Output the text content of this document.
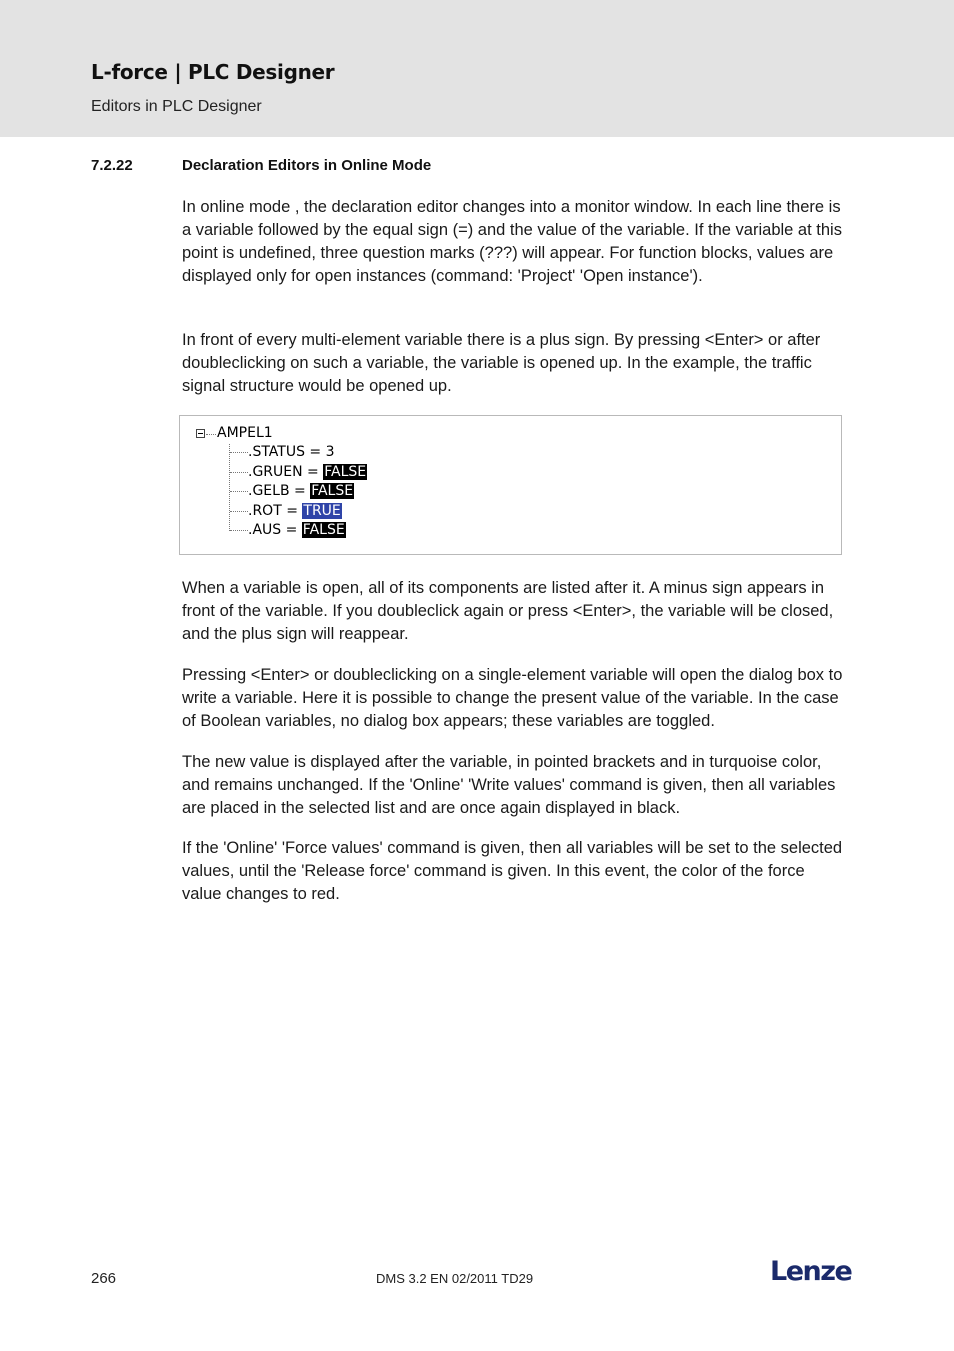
L-force | PLC Designer
Editors in PLC Designer
7.2.22	Declaration Editors in Online Mode

In online mode , the declaration editor changes into a monitor window. In each line there is a variable followed by the equal sign (=) and the value of the variable. If the variable at this point is undefined, three question marks (???) will appear. For function blocks, values are displayed only for open instances (command: 'Project' 'Open instance').

In front of every multi-element variable there is a plus sign. By pressing <Enter> or after doubleclicking on such a variable, the variable is opened up. In the example, the traffic signal structure would be opened up.

AMPEL1
.STATUS = 3
.GRUEN = FALSE
.GELB = FALSE
.ROT = TRUE
.AUS = FALSE

When a variable is open, all of its components are listed after it. A minus sign appears in front of the variable. If you doubleclick again or press <Enter>, the variable will be closed, and the plus sign will reappear.

Pressing <Enter> or doubleclicking on a single-element variable will open the dialog box to write a variable. Here it is possible to change the present value of the variable. In the case of Boolean variables, no dialog box appears; these variables are toggled.

The new value is displayed after the variable, in pointed brackets and in turquoise color, and remains unchanged. If the 'Online' 'Write values' command is given, then all variables are placed in the selected list and are once again displayed in black.

If the 'Online' 'Force values' command is given, then all variables will be set to the selected values, until the 'Release force' command is given. In this event, the color of the force value changes to red.

266	DMS 3.2 EN 02/2011 TD29	Lenze
